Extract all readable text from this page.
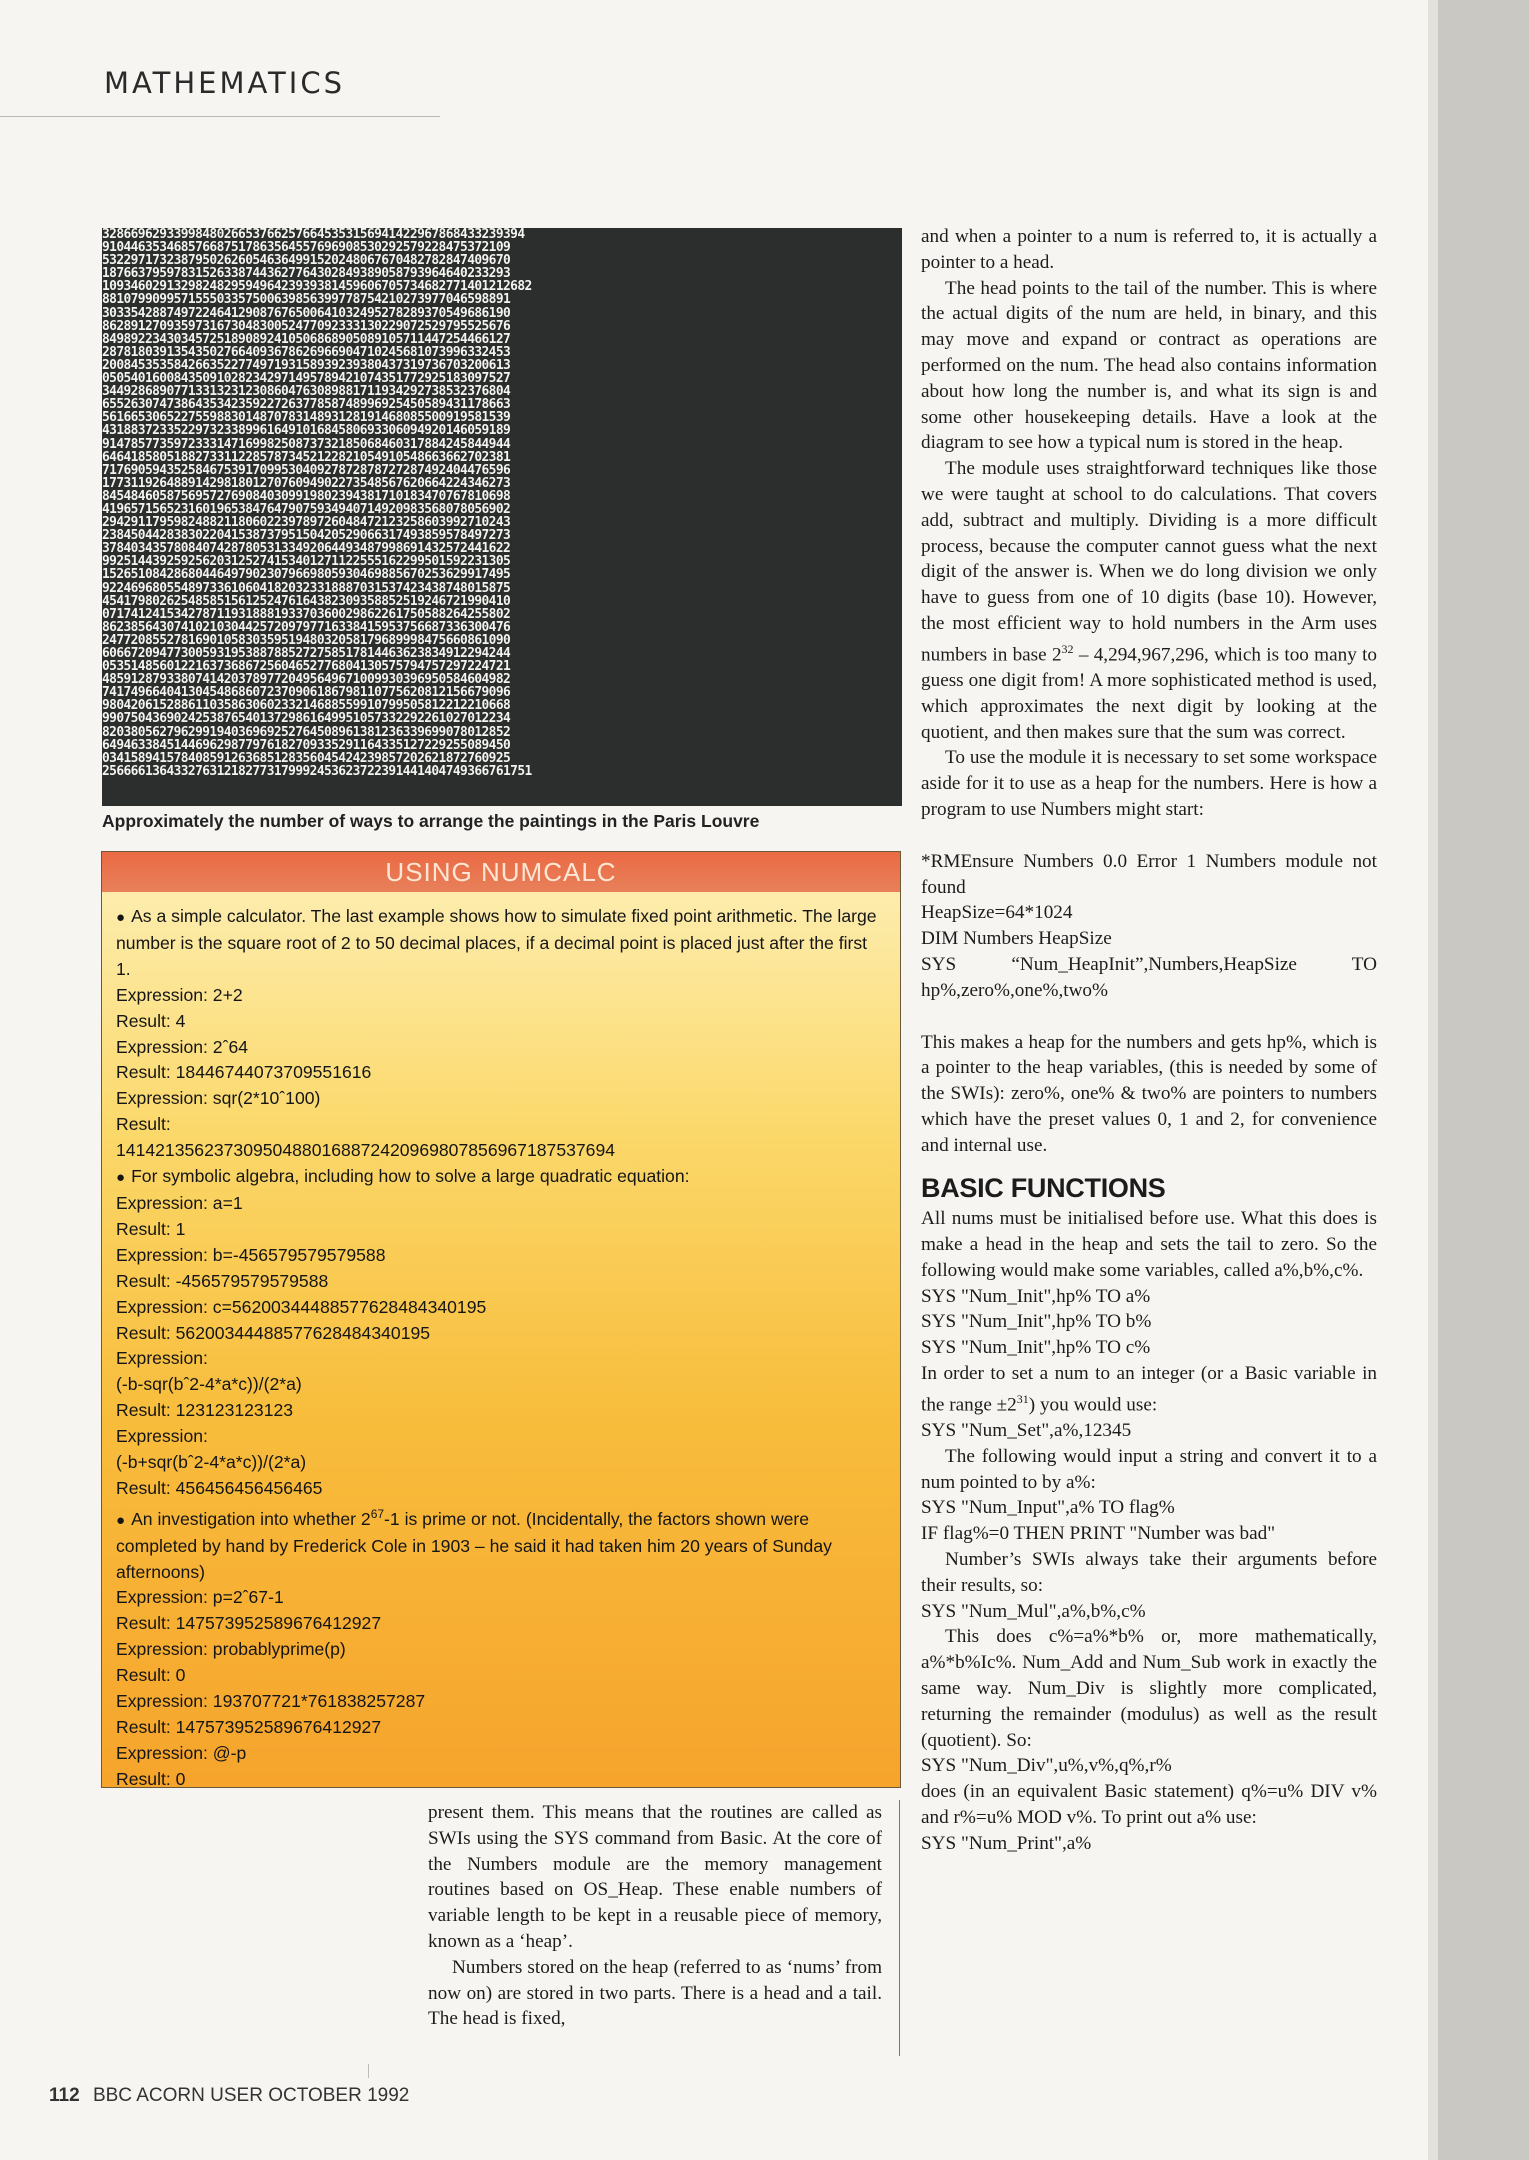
MATHEMATICS
32866962933998480266537662576645353156941422967868433239394
910446353468576687517863564557696908530292579228475372109
532297173238795026260546364991520248067670482782847409670
187663795978315263387443627764302849389058793964640233293
109346029132982482959496423939381459606705734682771401212682
881079909957155503357500639856399778754210273977046598891
303354288749722464129087676500641032495278289370549686190
862891270935973167304830052477092333130229072529795525676
849892234303457251890892410506868905089105711447254466127
287818039135435027664093678626966904710245681073996332453
200845353584266352277497193158939239380437319736703200613
050540160084350910282342971495789421074351772925183097527
344928689077133132312308604763089881711934292738532376804
655263074738643534235922726377858748996925450589431178663
561665306522755988301487078314893128191468085500919581539
431883723352297323389961649101684580693306094920146059189
914785773597233314716998250873732185068460317884245844944
646418580518827331122857873452122821054910548663662702381
717690594352584675391709953040927872878727287492404476596
177311926488914298180127076094902273548567620664224346273
845484605875695727690840309919802394381710183470767810698
419657156523160196538476479075934940714920983568078056902
294291179598248821180602239789726048472123258603992710243
238450442838302204153873795150420529066317493859578497273
378403435780840742878053133492064493487998691432572441622
992514439259256203125274153401271122555162299501592231305
152651084286804464979023079669805930469885670253629917495
922469680554897336106041820323318887031537423438748015875
454179802625485851561252476164382309358852519246721990410
071741241534278711931888193370360029862261750588264255802
862385643074102103044257209797716338415953756687336300476
247720855278169010583035951948032058179689998475660861090
606672094773005931953887885272758517814463623834912294244
053514856012216373686725604652776804130575794757297224721
485912879338074142037897720495649671009930396950584604982
741749664041304548686072370906186798110775620812156679096
980420615288611035863060233214688559910799505812212210668
990750436902425387654013729861649951057332292261027012234
820380562796299194036969252764508961381236339699078012852
649463384514469629877976182709335291164335127229255089450
034158941578408591263685128356045424239857202621872760925
256666136433276312182773179992453623722391441404749366761751
Approximately the number of ways to arrange the paintings in the Paris Louvre
USING NUMCALC
● As a simple calculator. The last example shows how to simulate fixed point arithmetic. The large number is the square root of 2 to 50 decimal places, if a decimal point is placed just after the first 1.
Expression: 2+2
Result: 4
Expression: 2ˆ64
Result: 18446744073709551616
Expression: sqr(2*10ˆ100)
Result:
141421356237309504880168872420969807856967187537694
● For symbolic algebra, including how to solve a large quadratic equation:
Expression: a=1
Result: 1
Expression: b=-456579579579588
Result: -456579579579588
Expression: c=56200344488577628484340195
Result: 56200344488577628484340195
Expression:
(-b-sqr(bˆ2-4*a*c))/(2*a)
Result: 123123123123
Expression:
(-b+sqr(bˆ2-4*a*c))/(2*a)
Result: 456456456456465
● An investigation into whether $2^{67}-1$ is prime or not. (Incidentally, the factors shown were completed by hand by Frederick Cole in 1903 – he said it had taken him 20 years of Sunday afternoons)
Expression: p=2ˆ67-1
Result: 147573952589676412927
Expression: probablyprime(p)
Result: 0
Expression: 193707721*761838257287
Result: 147573952589676412927
Expression: @-p
Result: 0

present them. This means that the routines are called as SWIs using the SYS command from Basic. At the core of the Numbers module are the memory management routines based on OS_Heap. These enable numbers of variable length to be kept in a reusable piece of memory, known as a ‘heap’.

Numbers stored on the heap (referred to as ‘nums’ from now on) are stored in two parts. There is a head and a tail. The head is fixed,

and when a pointer to a num is referred to, it is actually a pointer to a head.

The head points to the tail of the number. This is where the actual digits of the num are held, in binary, and this may move and expand or contract as operations are performed on the num. The head also contains information about how long the number is, and what its sign is and some other housekeeping details. Have a look at the diagram to see how a typical num is stored in the heap.

The module uses straightforward techniques like those we were taught at school to do calculations. That covers add, subtract and multiply. Dividing is a more difficult process, because the computer cannot guess what the next digit of the answer is. When we do long division we only have to guess from one of 10 digits (base 10). However, the most efficient way to hold numbers in the Arm uses numbers in base $2^{32} - 4,294,967,296$, which is too many to guess one digit from! A more sophisticated method is used, which approximates the next digit by looking at the quotient, and then makes sure that the sum was correct.

To use the module it is necessary to set some workspace aside for it to use as a heap for the numbers. Here is how a program to use Numbers might start:

*RMEnsure Numbers 0.0 Error 1 Numbers module not found
HeapSize=64*1024
DIM Numbers HeapSize
SYS “Num_HeapInit”,Numbers,HeapSize TO hp%,zero%,one%,two%

This makes a heap for the numbers and gets hp%, which is a pointer to the heap variables, (this is needed by some of the SWIs): zero%, one% & two% are pointers to numbers which have the preset values 0, 1 and 2, for convenience and internal use.

BASIC FUNCTIONS

All nums must be initialised before use. What this does is make a head in the heap and sets the tail to zero. So the following would make some variables, called a%,b%,c%.

SYS "Num_Init",hp% TO a%
SYS "Num_Init",hp% TO b%
SYS "Num_Init",hp% TO c%

In order to set a num to an integer (or a Basic variable in the range $\pm 2^{31}$) you would use:

SYS "Num_Set",a%,12345

The following would input a string and convert it to a num pointed to by a%:

SYS "Num_Input",a% TO flag%
IF flag%=0 THEN PRINT "Number was bad"

Number’s SWIs always take their arguments before their results, so:

SYS "Num_Mul",a%,b%,c%

This does c%=a%*b% or, more mathematically, a%*b%Ic%. Num_Add and Num_Sub work in exactly the same way. Num_Div is slightly more complicated, returning the remainder (modulus) as well as the result (quotient). So:

SYS "Num_Div",u%,v%,q%,r%

does (in an equivalent Basic statement) q%=u% DIV v% and r%=u% MOD v%. To print out a% use:

SYS "Num_Print",a%

112 BBC ACORN USER OCTOBER 1992
